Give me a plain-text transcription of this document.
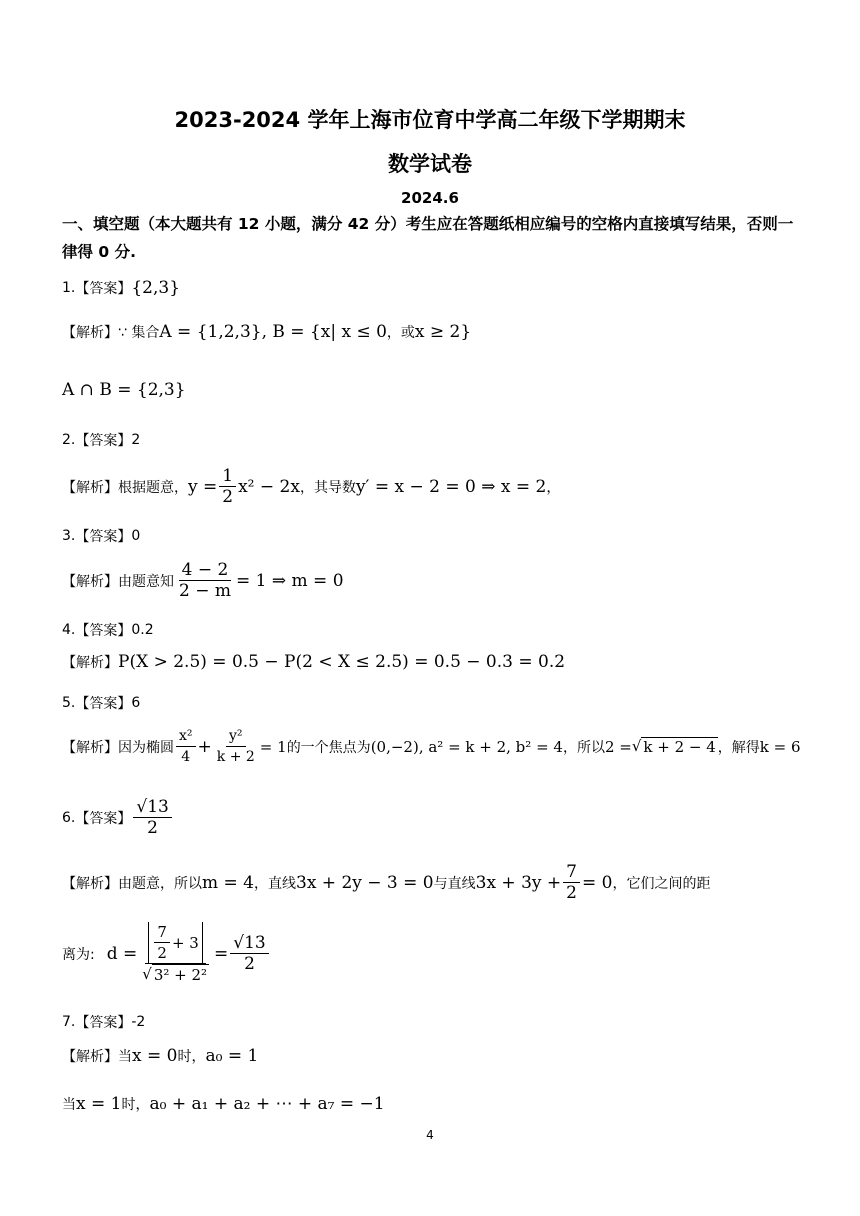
2023-2024 学年上海市位育中学高二年级下学期期末
数学试卷
2024.6
一、填空题（本大题共有 12 小题，满分 42 分）考生应在答题纸相应编号的空格内直接填写结果，否则一律得 0 分.
1. 【答案】 {2,3}
【解析】 ∵ 集合 A = {1,2,3} , B = {x| x ≤ 0 ，或 x ≥ 2}
A ∩ B = {2,3}
2. 【答案】 2
【解析】 根据题意， $y = \frac{1}{2} x^2 - 2x$ ，其导数 y′ = x − 2 = 0 ⇒ x = 2 ，
3. 【答案】 0
【解析】 由题意知 $\frac{4 - 2}{2 - m} = 1$ ⇒ m = 0
4. 【答案】 0.2
【解析】 P(X > 2.5) = 0.5 − P(2 < X ≤ 2.5) = 0.5 − 0.3 = 0.2
5. 【答案】 6
【解析】 因为椭圆 $\frac{\text{x²}}{4} + \frac{\text{y²}}{k + 2} = 1$ 的一个焦点为 (0,−2), a² = k + 2, b² = 4 ，所以 2 = √ k + 2 − 4 ，解得 k = 6
6. 【答案】 $\frac{√13}{2}$
【解析】 由题意，所以 m = 4 ，直线 3x + 2y − 3 = 0 与直线 $3x + 3y + \frac{7}{2} = 0$ ，它们之间的距
离为: $d = \frac{\frac{7}{2} + 3}{\text{√ 3² + 2²}} = \frac{√13}{2}$
7. 【答案】 -2
【解析】 当 x = 0 时， a₀ = 1
当 x = 1 时， a₀ + a₁ + a₂ + ⋯ + a₇ = −1
4
